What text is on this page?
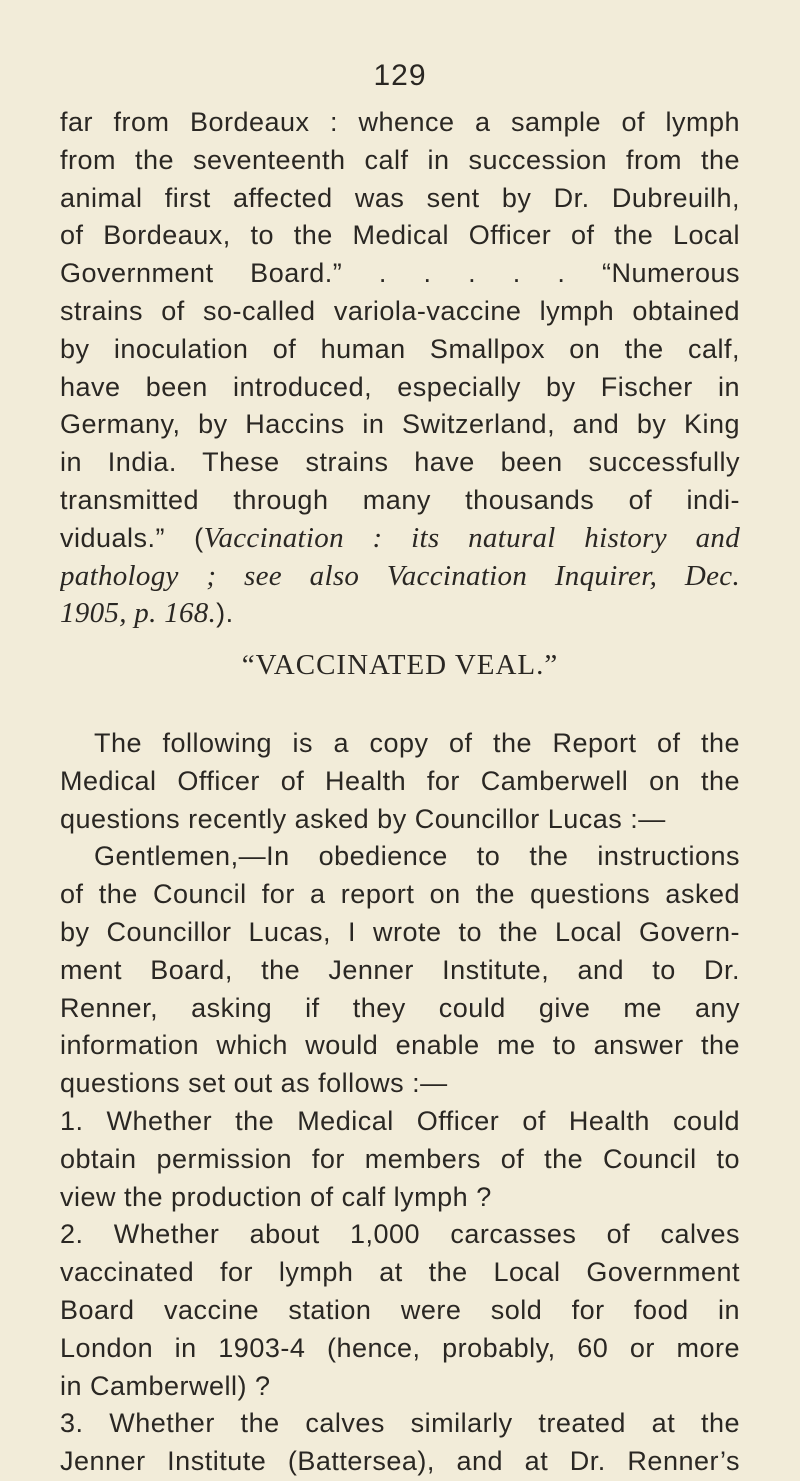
129
far from Bordeaux : whence a sample of lymph
from the seventeenth calf in succession from the
animal first affected was sent by Dr. Dubreuilh,
of Bordeaux, to the Medical Officer of the Local
Government Board.” . . . . . “Numerous
strains of so-called variola-vaccine lymph obtained
by inoculation of human Smallpox on the calf,
have been introduced, especially by Fischer in
Germany, by Haccins in Switzerland, and by King
in India. These strains have been successfully
transmitted through many thousands of indi-
viduals.” (Vaccination : its natural history and
pathology ; see also Vaccination Inquirer, Dec.
1905, p. 168.).
“VACCINATED VEAL.”
The following is a copy of the Report of the
Medical Officer of Health for Camberwell on the
questions recently asked by Councillor Lucas :—
Gentlemen,—In obedience to the instructions
of the Council for a report on the questions asked
by Councillor Lucas, I wrote to the Local Govern-
ment Board, the Jenner Institute, and to Dr.
Renner, asking if they could give me any
information which would enable me to answer the
questions set out as follows :—
1. Whether the Medical Officer of Health could
obtain permission for members of the Council to
view the production of calf lymph ?
2. Whether about 1,000 carcasses of calves
vaccinated for lymph at the Local Government
Board vaccine station were sold for food in
London in 1903-4 (hence, probably, 60 or more
in Camberwell) ?
3. Whether the calves similarly treated at the
Jenner Institute (Battersea), and at Dr. Renner’s
